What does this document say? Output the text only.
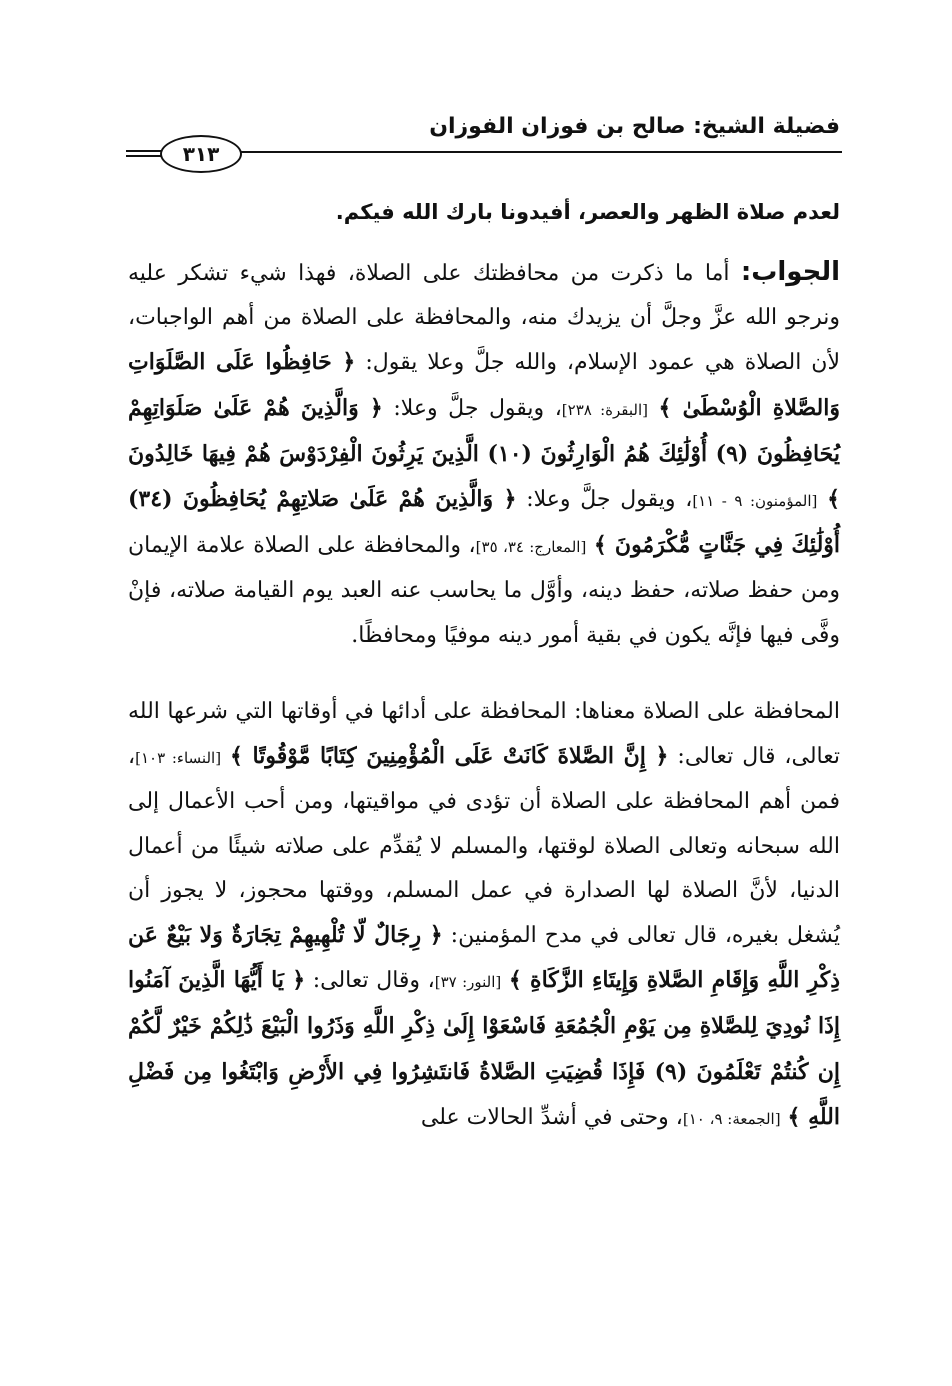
فضيلة الشيخ: صالح بن فوزان الفوزان
٣١٣
لعدم صلاة الظهر والعصر، أفيدونا بارك الله فيكم.

الجواب: أما ما ذكرت من محافظتك على الصلاة، فهذا شيء تشكر عليه ونرجو الله عزَّ وجلَّ أن يزيدك منه، والمحافظة على الصلاة من أهم الواجبات، لأن الصلاة هي عمود الإسلام، والله جلَّ وعلا يقول: ﴿ حَافِظُوا عَلَى الصَّلَوَاتِ وَالصَّلاةِ الْوُسْطَىٰ ﴾ [البقرة: ٢٣٨]، ويقول جلَّ وعلا: ﴿ وَالَّذِينَ هُمْ عَلَىٰ صَلَوَاتِهِمْ يُحَافِظُونَ (٩) أُوْلَٰئِكَ هُمُ الْوَارِثُونَ (١٠) الَّذِينَ يَرِثُونَ الْفِرْدَوْسَ هُمْ فِيهَا خَالِدُونَ ﴾ [المؤمنون: ٩ - ١١]، ويقول جلَّ وعلا: ﴿ وَالَّذِينَ هُمْ عَلَىٰ صَلاتِهِمْ يُحَافِظُونَ (٣٤) أُوْلَٰئِكَ فِي جَنَّاتٍ مُّكْرَمُونَ ﴾ [المعارج: ٣٤، ٣٥]، والمحافظة على الصلاة علامة الإيمان ومن حفظ صلاته، حفظ دينه، وأوَّل ما يحاسب عنه العبد يوم القيامة صلاته، فإنْ وفَّى فيها فإنَّه يكون في بقية أمور دينه موفيًا ومحافظًا.

المحافظة على الصلاة معناها: المحافظة على أدائها في أوقاتها التي شرعها الله تعالى، قال تعالى: ﴿ إِنَّ الصَّلاةَ كَانَتْ عَلَى الْمُؤْمِنِينَ كِتَابًا مَّوْقُوتًا ﴾ [النساء: ١٠٣]، فمن أهم المحافظة على الصلاة أن تؤدى في مواقيتها، ومن أحب الأعمال إلى الله سبحانه وتعالى الصلاة لوقتها، والمسلم لا يُقدِّم على صلاته شيئًا من أعمال الدنيا، لأنَّ الصلاة لها الصدارة في عمل المسلم، ووقتها محجوز، لا يجوز أن يُشغل بغيره، قال تعالى في مدح المؤمنين: ﴿ رِجَالٌ لّا تُلْهِيهِمْ تِجَارَةٌ وَلا بَيْعٌ عَن ذِكْرِ اللَّهِ وَإِقَامِ الصَّلاةِ وَإِيتَاءِ الزَّكَاةِ ﴾ [النور: ٣٧]، وقال تعالى: ﴿ يَا أَيُّهَا الَّذِينَ آمَنُوا إِذَا نُودِيَ لِلصَّلاةِ مِن يَوْمِ الْجُمُعَةِ فَاسْعَوْا إِلَىٰ ذِكْرِ اللَّهِ وَذَرُوا الْبَيْعَ ذَٰلِكُمْ خَيْرٌ لَّكُمْ إِن كُنتُمْ تَعْلَمُونَ (٩) فَإِذَا قُضِيَتِ الصَّلاةُ فَانتَشِرُوا فِي الأَرْضِ وَابْتَغُوا مِن فَضْلِ اللَّهِ ﴾ [الجمعة: ٩، ١٠]، وحتى في أشدِّ الحالات على
